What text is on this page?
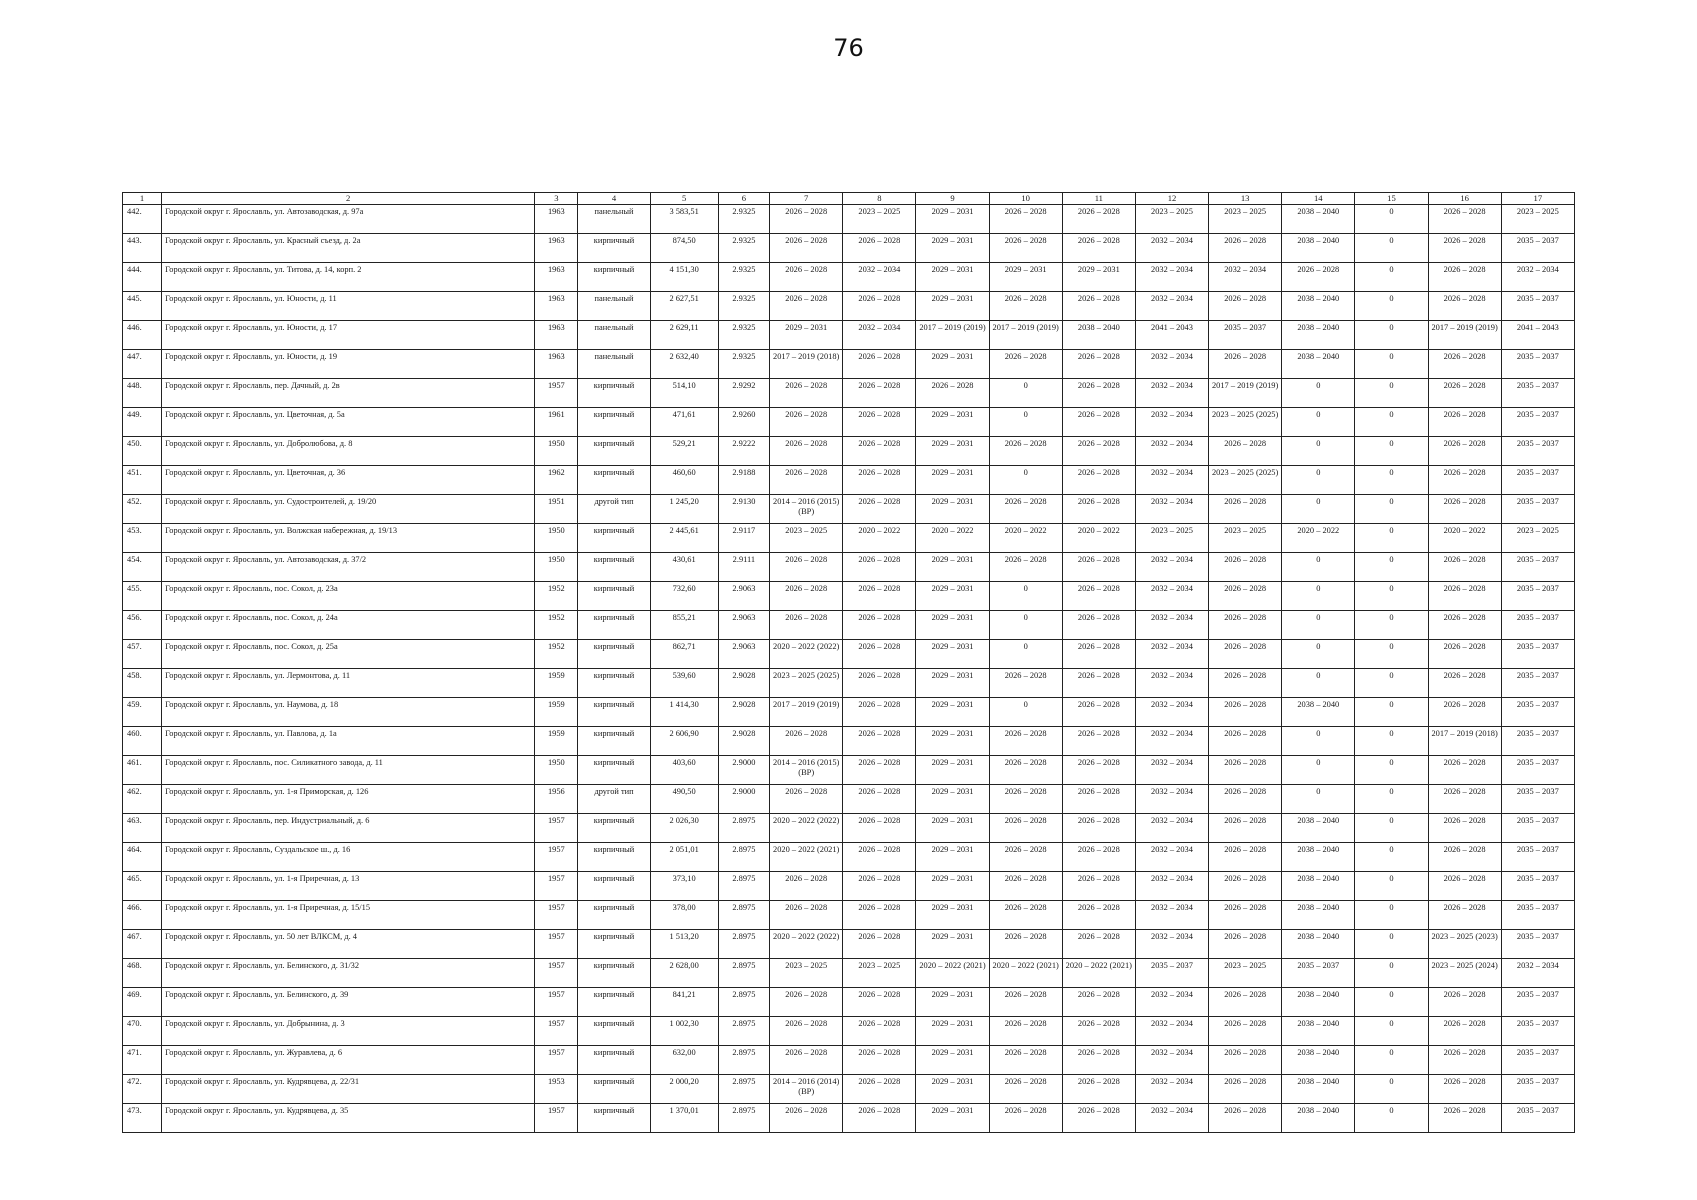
76
1	2	3	4	5	6	7	8	9	10	11	12	13	14	15	16	17
442.	Городской округ г. Ярославль, ул. Автозаводская, д. 97а	1963	панельный	3 583,51	2.9325	2026 – 2028	2023 – 2025	2029 – 2031	2026 – 2028	2026 – 2028	2023 – 2025	2023 – 2025	2038 – 2040	0	2026 – 2028	2023 – 2025
443.	Городской округ г. Ярославль, ул. Красный съезд, д. 2а	1963	кирпичный	874,50	2.9325	2026 – 2028	2026 – 2028	2029 – 2031	2026 – 2028	2026 – 2028	2032 – 2034	2026 – 2028	2038 – 2040	0	2026 – 2028	2035 – 2037
444.	Городской округ г. Ярославль, ул. Титова, д. 14, корп. 2	1963	кирпичный	4 151,30	2.9325	2026 – 2028	2032 – 2034	2029 – 2031	2029 – 2031	2029 – 2031	2032 – 2034	2032 – 2034	2026 – 2028	0	2026 – 2028	2032 – 2034
445.	Городской округ г. Ярославль, ул. Юности, д. 11	1963	панельный	2 627,51	2.9325	2026 – 2028	2026 – 2028	2029 – 2031	2026 – 2028	2026 – 2028	2032 – 2034	2026 – 2028	2038 – 2040	0	2026 – 2028	2035 – 2037
446.	Городской округ г. Ярославль, ул. Юности, д. 17	1963	панельный	2 629,11	2.9325	2029 – 2031	2032 – 2034	2017 – 2019 (2019)	2017 – 2019 (2019)	2038 – 2040	2041 – 2043	2035 – 2037	2038 – 2040	0	2017 – 2019 (2019)	2041 – 2043
447.	Городской округ г. Ярославль, ул. Юности, д. 19	1963	панельный	2 632,40	2.9325	2017 – 2019 (2018)	2026 – 2028	2029 – 2031	2026 – 2028	2026 – 2028	2032 – 2034	2026 – 2028	2038 – 2040	0	2026 – 2028	2035 – 2037
448.	Городской округ г. Ярославль, пер. Дачный, д. 2в	1957	кирпичный	514,10	2.9292	2026 – 2028	2026 – 2028	2026 – 2028	0	2026 – 2028	2032 – 2034	2017 – 2019 (2019)	0	0	2026 – 2028	2035 – 2037
449.	Городской округ г. Ярославль, ул. Цветочная, д. 5а	1961	кирпичный	471,61	2.9260	2026 – 2028	2026 – 2028	2029 – 2031	0	2026 – 2028	2032 – 2034	2023 – 2025 (2025)	0	0	2026 – 2028	2035 – 2037
450.	Городской округ г. Ярославль, ул. Добролюбова, д. 8	1950	кирпичный	529,21	2.9222	2026 – 2028	2026 – 2028	2029 – 2031	2026 – 2028	2026 – 2028	2032 – 2034	2026 – 2028	0	0	2026 – 2028	2035 – 2037
451.	Городской округ г. Ярославль, ул. Цветочная, д. 36	1962	кирпичный	460,60	2.9188	2026 – 2028	2026 – 2028	2029 – 2031	0	2026 – 2028	2032 – 2034	2023 – 2025 (2025)	0	0	2026 – 2028	2035 – 2037
452.	Городской округ г. Ярославль, ул. Судостроителей, д. 19/20	1951	другой тип	1 245,20	2.9130	2014 – 2016 (2015) (ВР)	2026 – 2028	2029 – 2031	2026 – 2028	2026 – 2028	2032 – 2034	2026 – 2028	0	0	2026 – 2028	2035 – 2037
453.	Городской округ г. Ярославль, ул. Волжская набережная, д. 19/13	1950	кирпичный	2 445,61	2.9117	2023 – 2025	2020 – 2022	2020 – 2022	2020 – 2022	2020 – 2022	2023 – 2025	2023 – 2025	2020 – 2022	0	2020 – 2022	2023 – 2025
454.	Городской округ г. Ярославль, ул. Автозаводская, д. 37/2	1950	кирпичный	430,61	2.9111	2026 – 2028	2026 – 2028	2029 – 2031	2026 – 2028	2026 – 2028	2032 – 2034	2026 – 2028	0	0	2026 – 2028	2035 – 2037
455.	Городской округ г. Ярославль, пос. Сокол, д. 23а	1952	кирпичный	732,60	2.9063	2026 – 2028	2026 – 2028	2029 – 2031	0	2026 – 2028	2032 – 2034	2026 – 2028	0	0	2026 – 2028	2035 – 2037
456.	Городской округ г. Ярославль, пос. Сокол, д. 24а	1952	кирпичный	855,21	2.9063	2026 – 2028	2026 – 2028	2029 – 2031	0	2026 – 2028	2032 – 2034	2026 – 2028	0	0	2026 – 2028	2035 – 2037
457.	Городской округ г. Ярославль, пос. Сокол, д. 25а	1952	кирпичный	862,71	2.9063	2020 – 2022 (2022)	2026 – 2028	2029 – 2031	0	2026 – 2028	2032 – 2034	2026 – 2028	0	0	2026 – 2028	2035 – 2037
458.	Городской округ г. Ярославль, ул. Лермонтова, д. 11	1959	кирпичный	539,60	2.9028	2023 – 2025 (2025)	2026 – 2028	2029 – 2031	2026 – 2028	2026 – 2028	2032 – 2034	2026 – 2028	0	0	2026 – 2028	2035 – 2037
459.	Городской округ г. Ярославль, ул. Наумова, д. 18	1959	кирпичный	1 414,30	2.9028	2017 – 2019 (2019)	2026 – 2028	2029 – 2031	0	2026 – 2028	2032 – 2034	2026 – 2028	2038 – 2040	0	2026 – 2028	2035 – 2037
460.	Городской округ г. Ярославль, ул. Павлова, д. 1а	1959	кирпичный	2 606,90	2.9028	2026 – 2028	2026 – 2028	2029 – 2031	2026 – 2028	2026 – 2028	2032 – 2034	2026 – 2028	0	0	2017 – 2019 (2018)	2035 – 2037
461.	Городской округ г. Ярославль, пос. Силикатного завода, д. 11	1950	кирпичный	403,60	2.9000	2014 – 2016 (2015) (ВР)	2026 – 2028	2029 – 2031	2026 – 2028	2026 – 2028	2032 – 2034	2026 – 2028	0	0	2026 – 2028	2035 – 2037
462.	Городской округ г. Ярославль, ул. 1-я Приморская, д. 126	1956	другой тип	490,50	2.9000	2026 – 2028	2026 – 2028	2029 – 2031	2026 – 2028	2026 – 2028	2032 – 2034	2026 – 2028	0	0	2026 – 2028	2035 – 2037
463.	Городской округ г. Ярославль, пер. Индустриальный, д. 6	1957	кирпичный	2 026,30	2.8975	2020 – 2022 (2022)	2026 – 2028	2029 – 2031	2026 – 2028	2026 – 2028	2032 – 2034	2026 – 2028	2038 – 2040	0	2026 – 2028	2035 – 2037
464.	Городской округ г. Ярославль, Суздальское ш., д. 16	1957	кирпичный	2 051,01	2.8975	2020 – 2022 (2021)	2026 – 2028	2029 – 2031	2026 – 2028	2026 – 2028	2032 – 2034	2026 – 2028	2038 – 2040	0	2026 – 2028	2035 – 2037
465.	Городской округ г. Ярославль, ул. 1-я Приречная, д. 13	1957	кирпичный	373,10	2.8975	2026 – 2028	2026 – 2028	2029 – 2031	2026 – 2028	2026 – 2028	2032 – 2034	2026 – 2028	2038 – 2040	0	2026 – 2028	2035 – 2037
466.	Городской округ г. Ярославль, ул. 1-я Приречная, д. 15/15	1957	кирпичный	378,00	2.8975	2026 – 2028	2026 – 2028	2029 – 2031	2026 – 2028	2026 – 2028	2032 – 2034	2026 – 2028	2038 – 2040	0	2026 – 2028	2035 – 2037
467.	Городской округ г. Ярославль, ул. 50 лет ВЛКСМ, д. 4	1957	кирпичный	1 513,20	2.8975	2020 – 2022 (2022)	2026 – 2028	2029 – 2031	2026 – 2028	2026 – 2028	2032 – 2034	2026 – 2028	2038 – 2040	0	2023 – 2025 (2023)	2035 – 2037
468.	Городской округ г. Ярославль, ул. Белинского, д. 31/32	1957	кирпичный	2 628,00	2.8975	2023 – 2025	2023 – 2025	2020 – 2022 (2021)	2020 – 2022 (2021)	2020 – 2022 (2021)	2035 – 2037	2023 – 2025	2035 – 2037	0	2023 – 2025 (2024)	2032 – 2034
469.	Городской округ г. Ярославль, ул. Белинского, д. 39	1957	кирпичный	841,21	2.8975	2026 – 2028	2026 – 2028	2029 – 2031	2026 – 2028	2026 – 2028	2032 – 2034	2026 – 2028	2038 – 2040	0	2026 – 2028	2035 – 2037
470.	Городской округ г. Ярославль, ул. Добрынина, д. 3	1957	кирпичный	1 002,30	2.8975	2026 – 2028	2026 – 2028	2029 – 2031	2026 – 2028	2026 – 2028	2032 – 2034	2026 – 2028	2038 – 2040	0	2026 – 2028	2035 – 2037
471.	Городской округ г. Ярославль, ул. Журавлева, д. 6	1957	кирпичный	632,00	2.8975	2026 – 2028	2026 – 2028	2029 – 2031	2026 – 2028	2026 – 2028	2032 – 2034	2026 – 2028	2038 – 2040	0	2026 – 2028	2035 – 2037
472.	Городской округ г. Ярославль, ул. Кудрявцева, д. 22/31	1953	кирпичный	2 000,20	2.8975	2014 – 2016 (2014) (ВР)	2026 – 2028	2029 – 2031	2026 – 2028	2026 – 2028	2032 – 2034	2026 – 2028	2038 – 2040	0	2026 – 2028	2035 – 2037
473.	Городской округ г. Ярославль, ул. Кудрявцева, д. 35	1957	кирпичный	1 370,01	2.8975	2026 – 2028	2026 – 2028	2029 – 2031	2026 – 2028	2026 – 2028	2032 – 2034	2026 – 2028	2038 – 2040	0	2026 – 2028	2035 – 2037
